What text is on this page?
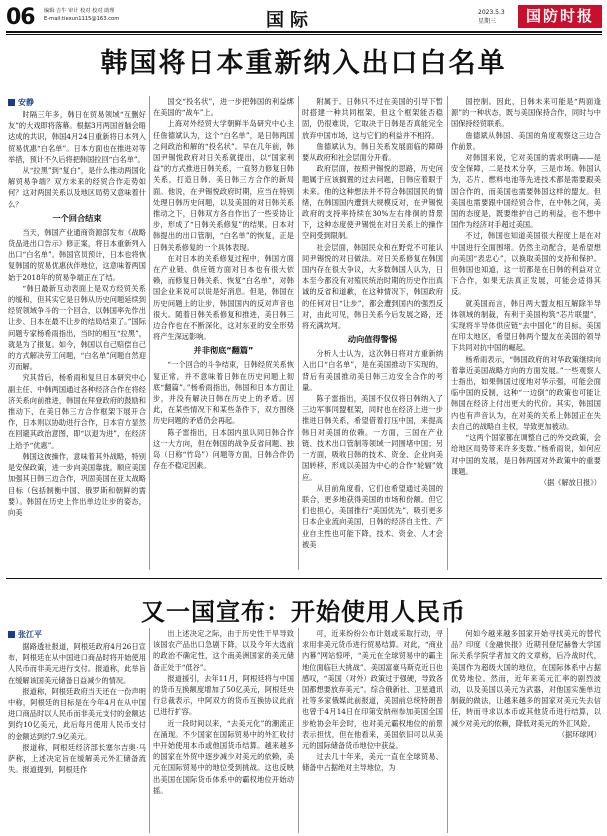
06 编辑 吉牛 审计 校对 校对 助理
E-mail:tiexun1115@163.com	国际	2023.5.3
星期三	国防时报
韩国将日本重新纳入出口白名单
安静

时隔三年多，韩日在贸易领域“互删好友”的大戏即将落幕。根据3月两国首脑会晤达成的共识，韩国4月24日重新将日本列入贸易优惠“白名单”。日本方面也在推进对等举措，预计不久后将把韩国拉回“白名单”。

从“拉黑”到“复白”，是什么推动两国化解贸易争端？双方未来的经贸合作走势如何？这对两国关系以及地区局势又意味着什么？

一个回合结束

当天，韩国产业通商资源部发布《战略货品进出口告示》修正案，将日本重新列入出口“白名单”。韩国官员预计，日本也将恢复韩国的贸易优惠伙伴地位，这意味着两国始于2018年的贸易争端正在了结。

“韩日最新互动表面上是双方经贸关系的缓和，但其实它是日韩从历史问题延续到经贸领域争斗的一个回合，以韩国率先作出让步、日本在最不让步的结局结束了。”国际问题专家杨希雨指出，当时的相互“拉黑”，就是为了报复。如今，韩国以自己赔偿自己的方式解决劳工问题，“白名单”问题自然迎刃而解。

究其背后，杨希雨和复旦日本研究中心副主任、中韩两国通过各种经济合作在将经济关系向前推进，韩国在拜登政府的鼓励和推动下，在美日韩三方合作框架下展开合作，日本则以协助进行合作，日本官方显然在回避其政治意图，即“以退为进”，在经济上给予“优惠”。

韩国这彼操作，意味着其外战略，特别是安保政策，进一步向美国靠拢。顺应美国加强其日韩三边合作，巩固美国在亚太战略目标（包括制衡中国、俄罗斯和朝鲜的需要）。韩国在历史上作出单边让步的姿态，向美

国交“投名状”，进一步把韩国的利益绑在美国的“战车”上。

上海对外经贸大学朝鲜半岛研究中心主任詹德斌认为，这个“白名单”，是日韩两国之间政治和解的“投名状”。早在几年前，韩国尹锡悦政府对日关系就提出，以“国家利益”的方式推进日韩关系，一直努力修复日韩关系，打造日韩、美日韩三方合作的新局面。他说，在尹锡悦政府时期，应当在特别处理日韩历史问题，以及美国的对日韩关系推动之下，日韩双方各自作出了一些妥协让步，形成了“日韩关系修复”的结果。日本对韩提出的出口管制，“白名单”的恢复，正是日韩关系修复的一个具体表现。

在对日本的关系修复过程中，韩国方面在产业链、供应链方面对日本也有很大依赖，而修复日韩关系、恢复“白名单”，对韩国企业来说可以说是好消息。但是，韩国在历史问题上的让步，韩国国内的反对声音也很大。随着日韩关系修复和推进，美日韩三边合作也在不断深化，这对东亚的安全形势将产生深远影响。

并非彻底“翻篇”

“一个回合的斗争结束，日韩经贸关系恢复正常，并不意味着日韩在历史问题上彻底“翻篇”。”杨希雨指出，韩国和日本方面让步，并没有解决日韩在历史上的矛盾。因此，在某些情况下和某些条件下，双方围绕历史问题的矛盾仍会再起。

陈子雷指出，日本国内虽认同日韩合作这一大方向，但在韩国的战争反省问题、独岛（日称“竹岛”）问题等方面，日韩合作仍存在不稳定因素。

附属于。日韩只不过在美国的引导下暂时搭建一种共同框架，但这个框架能否稳固，仍很难说，它取决于日韩是否真能完全放弃中国市场，这与它们的利益并不相符。

詹德斌认为，韩日关系发展面临的障碍要从政府和社会层面分开看。

政府层面，按照尹锡悦的思路，历史问题属于应该搁置的过去问题，日韩应着眼于未来。他的这种想法并不符合韩国国民的情绪，在韩国国内遭到大规模反对，在尹锡悦政府的支持率持续在30%左右徘徊的背景下，这种态度使尹锡悦在对日关系上的操作空间受到限制。

社会层面，韩国民众和在野党不可能认同尹锡悦的对日做法。对日关系修复在韩国国内存在很大争议，大多数韩国人认为，日本至今都没有对殖民统治时期的历史作出真诚的反省和道歉，在这种情况下，韩国政府的任何对日“让步”，都会遭到国内的强烈反对，由此可见，韩日关系今后发展之路，还将充满坎坷。

动向值得警惕

分析人士认为，这次韩日将对方重新纳入出口“白名单”，是在美国推动下实现的，背后有美国推动美日韩三边安全合作的考量。

陈子雷指出，美国不仅仅将日韩纳入了三边军事同盟框架，同时也在经济上进一步推进日韩关系，希望借着打压中国，来提高韩日对美国的依赖。一方面，三国在产业链、技术出口管制等领域一同围堵中国；另一方面，吸收日韩的技术、资金、企业向美国转移，形成以美国为中心的合作“轮辐”效应。

从目前角度看，它们也希望通过美国的联合，更多地获得美国的市场和份额。但它们也担心，美国推行“美国优先”，吸引更多日本企业流向美国，日韩的经济自主性、产业自主性也可能下降，技术、资金、人才会被美

国控制。因此，日韩未来可能是“两面逢源”的一种状态，既与美国保持合作，同时与中国保持经贸联系。

詹德斌从韩国、美国的角度观察这三边合作前景。

对韩国来说，它对美国的需求明确——是安全保障，二是技术分享，三是市场。韩国认为，芯片、燃料电池等先进技术都是需要跟美国合作的，而美国也需要韩国这样的盟友。但美国也需要跟中国经贸合作，在中韩之间，美国的态度是，既要维护自己的利益，也不想中国作为经济对手超过美国。

不过，韩国也知道美国很大程度上是在对中国进行全面围堵。仍然主动配合，是希望想向美国“表忠心”，以换取美国的支持和保护。但韩国也知道，这一切都是在日韩的利益对立下合作，如果无法真正发展，可能会适得其反。

就美国而言，韩日两大盟友相互解除半导体领域的制裁，有利于美国构筑“芯片联盟”，实现将半导体供应链“去中国化”的目标。美国在印太地区，希望日韩两个盟友在美国的领导下共同对抗中国的崛起。

杨希雨表示，“韩国政府的对华政策继续向着靠近美国战略方向的方面发展。”一些观察人士指出，如果韩国过度地对华示强，可能会面临中国的反制，这种“一边倒”的政策也可能让韩国在经济上付出更大的代价。其实，韩国国内也有声音认为，在对美的关系上韩国正在失去自己的战略自主权，导致更加被动。

“这两个国家都在调整自己的外交政策，会给地区局势带来许多变数。”杨希雨说，如何应对中国的发展，是日韩两国对外政策中的重要课题。

（据《解放日报》）
又一国宣布：开始使用人民币
张江平

据路透社报道，阿根廷政府4月26日宣布，阿根廷在从中国进口商品时将开始使用人民币而非美元进行支付。报道称，此举旨在缓解该国美元储备日益减少的情况。

报道称，阿根廷政府当天还在一份声明中称，阿根廷的目标是在今年4月在从中国进口商品时以人民币而非美元支付的金额达到约10亿美元，此后每月使用人民币支付的金额达到约7.9亿美元。

报道称，阿根廷经济部长塞尔吉奥·马萨称，上述决定旨在缓解美元外汇储备流失。报道提到，阿根廷作

出上述决定之际，由于历史性干旱导致该国农产品出口急剧下降，以及今年大选前的政治不确定性，这个南美洲国家的美元储备正处于“低谷”。

报道援引，去年11月，阿根廷将与中国的货币互换额度增加了50亿美元，阿根廷央行总裁表示，中阿双方的货币互换协议此前已进行扩容。

近一段时间以来，“去美元化”的潮流正在涌现。不少国家在国际贸易中的外汇收付中开始使用本币或他国货币结算。越来越多的国家在外贸中逐步减少对美元的依赖，美元在国际贸易中的地位受到挑战。这也反映出美国在国际货币体系中的霸权地位开始动摇。

可，近来纷纷公布计划或采取行动，寻求用非美元货币进行贸易结算。对此，“商业内幕”网站惊呼，“美元在全球贸易中的霸主地位面临巨大挑战”。美国富豪马斯克近日也感叹，“美国（对外）政策过于强硬，导致各国都想要放弃美元”。综合俄新社、卫星通讯社等多家俄媒此前报道，美国前总统特朗普也曾于4月14日在印第安纳州参加美国全国步枪协会年会时，也对美元霸权地位的前景表示担忧，但在他看来，美国依旧可以从美元的国际储备货币地位中获益。

过去几十年来，美元一直在全球贸易、储备中占据绝对主导地位，为

何如今越来越多国家开始寻找美元的替代品？印度《金融快报》近期刊登尼赫鲁大学国际关系学院学者加文的文章称，后冷战时代，美国作为超级大国的地位，在国际体系中占据优势地位。然而，近年来美元汇率的剧烈波动，以及美国以美元为武器，对他国实施单边制裁的做法，让越来越多的国家对美元失去信任，转而寻求以本币或其他货币进行结算，以减少对美元的依赖，降低对美元的外汇风险。

（据环球网）
